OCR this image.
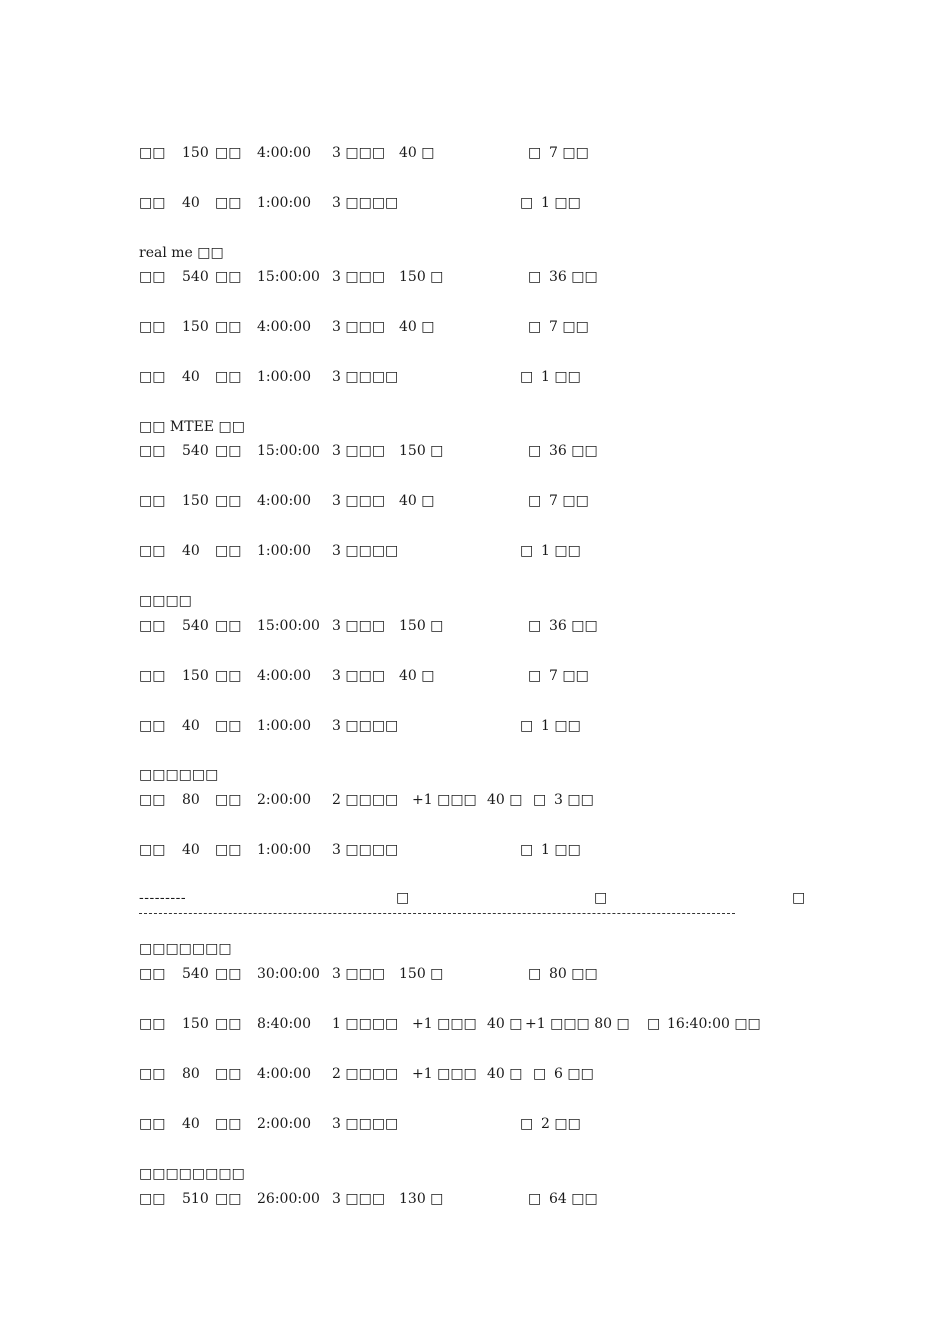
□□ 150 □□ 4:00:00 3 □□□ 40 □	□ 7 □□
□□ 40 □□ 1:00:00 3 □□□□	□ 1 □□
real me □□
□□ 540 □□ 15:00:00 3 □□□ 150 □	□ 36 □□
□□ 150 □□ 4:00:00 3 □□□ 40 □	□ 7 □□
□□ 40 □□ 1:00:00 3 □□□□	□ 1 □□
□□ MTEE □□
□□ 540 □□ 15:00:00 3 □□□ 150 □	□ 36 □□
□□ 150 □□ 4:00:00 3 □□□ 40 □	□ 7 □□
□□ 40 □□ 1:00:00 3 □□□□	□ 1 □□
□□□□
□□ 540 □□ 15:00:00 3 □□□ 150 □	□ 36 □□
□□ 150 □□ 4:00:00 3 □□□ 40 □	□ 7 □□
□□ 40 □□ 1:00:00 3 □□□□	□ 1 □□
□□□□□□
□□ 80 □□ 2:00:00 2 □□□□ +1 □□□ 40 □ □ 3 □□
□□ 40 □□ 1:00:00 3 □□□□	□ 1 □□
---------	□	□	□
□□□□□□□
□□ 540 □□ 30:00:00 3 □□□ 150 □	□ 80 □□
□□ 150 □□ 8:40:00 1 □□□□ +1 □□□ 40 □ +1 □□□ 80 □ □ 16:40:00 □□
□□ 80 □□ 4:00:00 2 □□□□ +1 □□□ 40 □ □ 6 □□
□□ 40 □□ 2:00:00 3 □□□□	□ 2 □□
□□□□□□□□
□□ 510 □□ 26:00:00 3 □□□ 130 □	□ 64 □□
